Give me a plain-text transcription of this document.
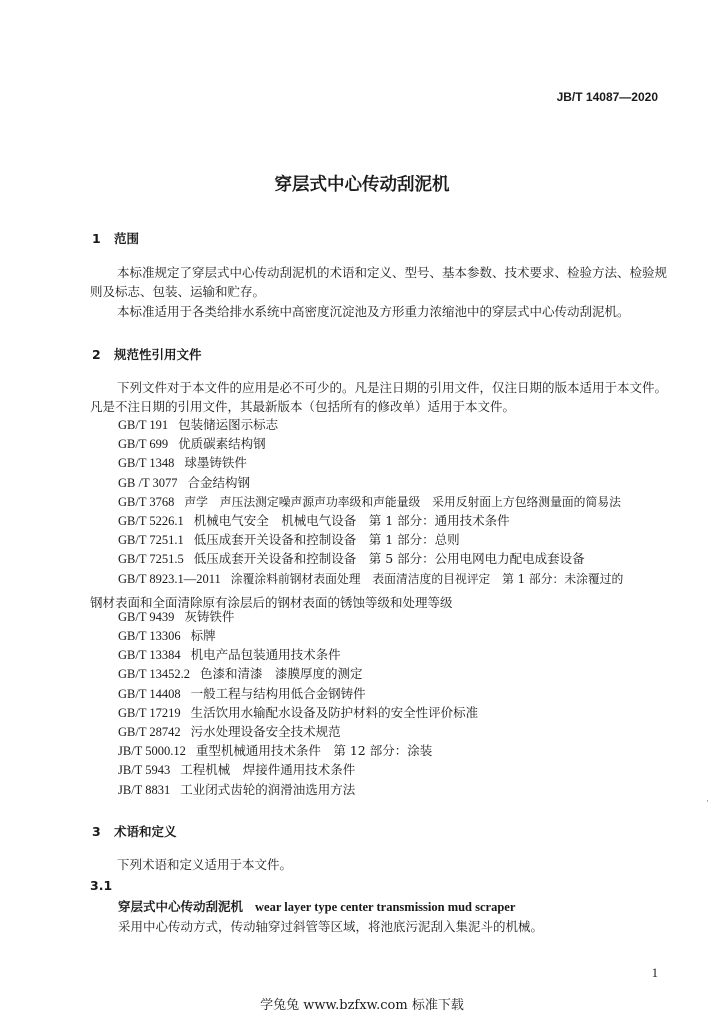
JB/T 14087—2020
穿层式中心传动刮泥机
1 范围
本标准规定了穿层式中心传动刮泥机的术语和定义、型号、基本参数、技术要求、检验方法、检验规则及标志、包装、运输和贮存。
本标准适用于各类给排水系统中高密度沉淀池及方形重力浓缩池中的穿层式中心传动刮泥机。
2 规范性引用文件
下列文件对于本文件的应用是必不可少的。凡是注日期的引用文件，仅注日期的版本适用于本文件。凡是不注日期的引用文件，其最新版本（包括所有的修改单）适用于本文件。
GB/T 191 包装储运图示标志
GB/T 699 优质碳素结构钢
GB/T 1348 球墨铸铁件
GB /T 3077 合金结构钢
GB/T 3768 声学　声压法测定噪声源声功率级和声能量级　采用反射面上方包络测量面的简易法
GB/T 5226.1 机械电气安全　机械电气设备　第 1 部分：通用技术条件
GB/T 7251.1 低压成套开关设备和控制设备　第 1 部分：总则
GB/T 7251.5 低压成套开关设备和控制设备　第 5 部分：公用电网电力配电成套设备
GB/T 8923.1—2011 涂覆涂料前钢材表面处理　表面清洁度的目视评定　第 1 部分：未涂覆过的
GB/T 9439 灰铸铁件
GB/T 13306 标牌
GB/T 13384 机电产品包装通用技术条件
GB/T 13452.2 色漆和清漆　漆膜厚度的测定
GB/T 14408 一般工程与结构用低合金钢铸件
GB/T 17219 生活饮用水输配水设备及防护材料的安全性评价标准
GB/T 28742 污水处理设备安全技术规范
JB/T 5000.12 重型机械通用技术条件　第 12 部分：涂装
JB/T 5943 工程机械　焊接件通用技术条件
JB/T 8831 工业闭式齿轮的润滑油选用方法
钢材表面和全面清除原有涂层后的钢材表面的锈蚀等级和处理等级
3 术语和定义
下列术语和定义适用于本文件。
3.1
穿层式中心传动刮泥机 wear layer type center transmission mud scraper
采用中心传动方式，传动轴穿过斜管等区域，将池底污泥刮入集泥斗的机械。
˙
1
学兔兔 www.bzfxw.com 标准下载
